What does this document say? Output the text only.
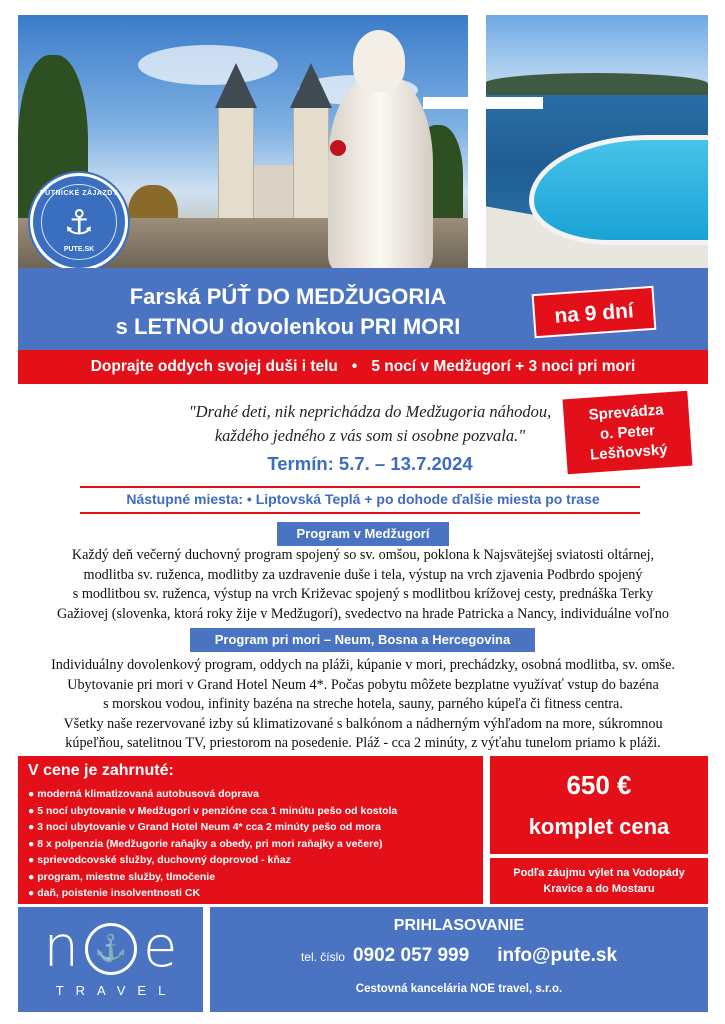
PÚTNICKÉ ZÁJAZDY
⚓
PUTE.SK
Farská PÚŤ DO MEDŽUGORIA
s LETNOU dovolenkou PRI MORI	na 9 dní
Doprajte oddych svojej duši i telu • 5 nocí v Medžugorí + 3 noci pri mori
"Drahé deti, nik neprichádza do Medžugoria náhodou,
každého jedného z vás som si osobne pozvala."
Termín: 5.7. – 13.7.2024
Sprevádza
o. Peter
Lešňovský
Nástupné miesta: • Liptovská Teplá + po dohode ďalšie miesta po trase
Program v Medžugorí
Každý deň večerný duchovný program spojený so sv. omšou, poklona k Najsvätejšej sviatosti oltárnej,
modlitba sv. ruženca, modlitby za uzdravenie duše i tela, výstup na vrch zjavenia Podbrdo spojený
s modlitbou sv. ruženca, výstup na vrch Križevac spojený s modlitbou krížovej cesty, prednáška Terky
Gažiovej (slovenka, ktorá roky žije v Medžugorí), svedectvo na hrade Patricka a Nancy, individuálne voľno
Program pri mori – Neum, Bosna a Hercegovina
Individuálny dovolenkový program, oddych na pláži, kúpanie v mori, prechádzky, osobná modlitba, sv. omše.
Ubytovanie pri mori v Grand Hotel Neum 4*. Počas pobytu môžete bezplatne využívať vstup do bazéna
s morskou vodou, infinity bazéna na streche hotela, sauny, parného kúpeľa či fitness centra.
Všetky naše rezervované izby sú klimatizované s balkónom a nádherným výhľadom na more, súkromnou
kúpeľňou, satelitnou TV, priestorom na posedenie. Pláž - cca 2 minúty, z výťahu tunelom priamo k pláži.
V cene je zahrnuté:
● moderná klimatizovaná autobusová doprava
● 5 nocí ubytovanie v Medžugorí v penzióne cca 1 minútu pešo od kostola
● 3 noci ubytovanie v Grand Hotel Neum 4* cca 2 minúty pešo od mora
● 8 x polpenzia (Medžugorie raňajky a obedy, pri mori raňajky a večere)
● sprievodcovské služby, duchovný doprovod - kňaz
● program, miestne služby, tlmočenie
● daň, poistenie insolventnosti CK
650 €
komplet cena
Podľa záujmu výlet na Vodopády
Kravice a do Mostaru
n ⚓ e
TRAVEL
PRIHLASOVANIE
tel. číslo 0902 057 999 info@pute.sk
Cestovná kancelária NOE travel, s.r.o.
